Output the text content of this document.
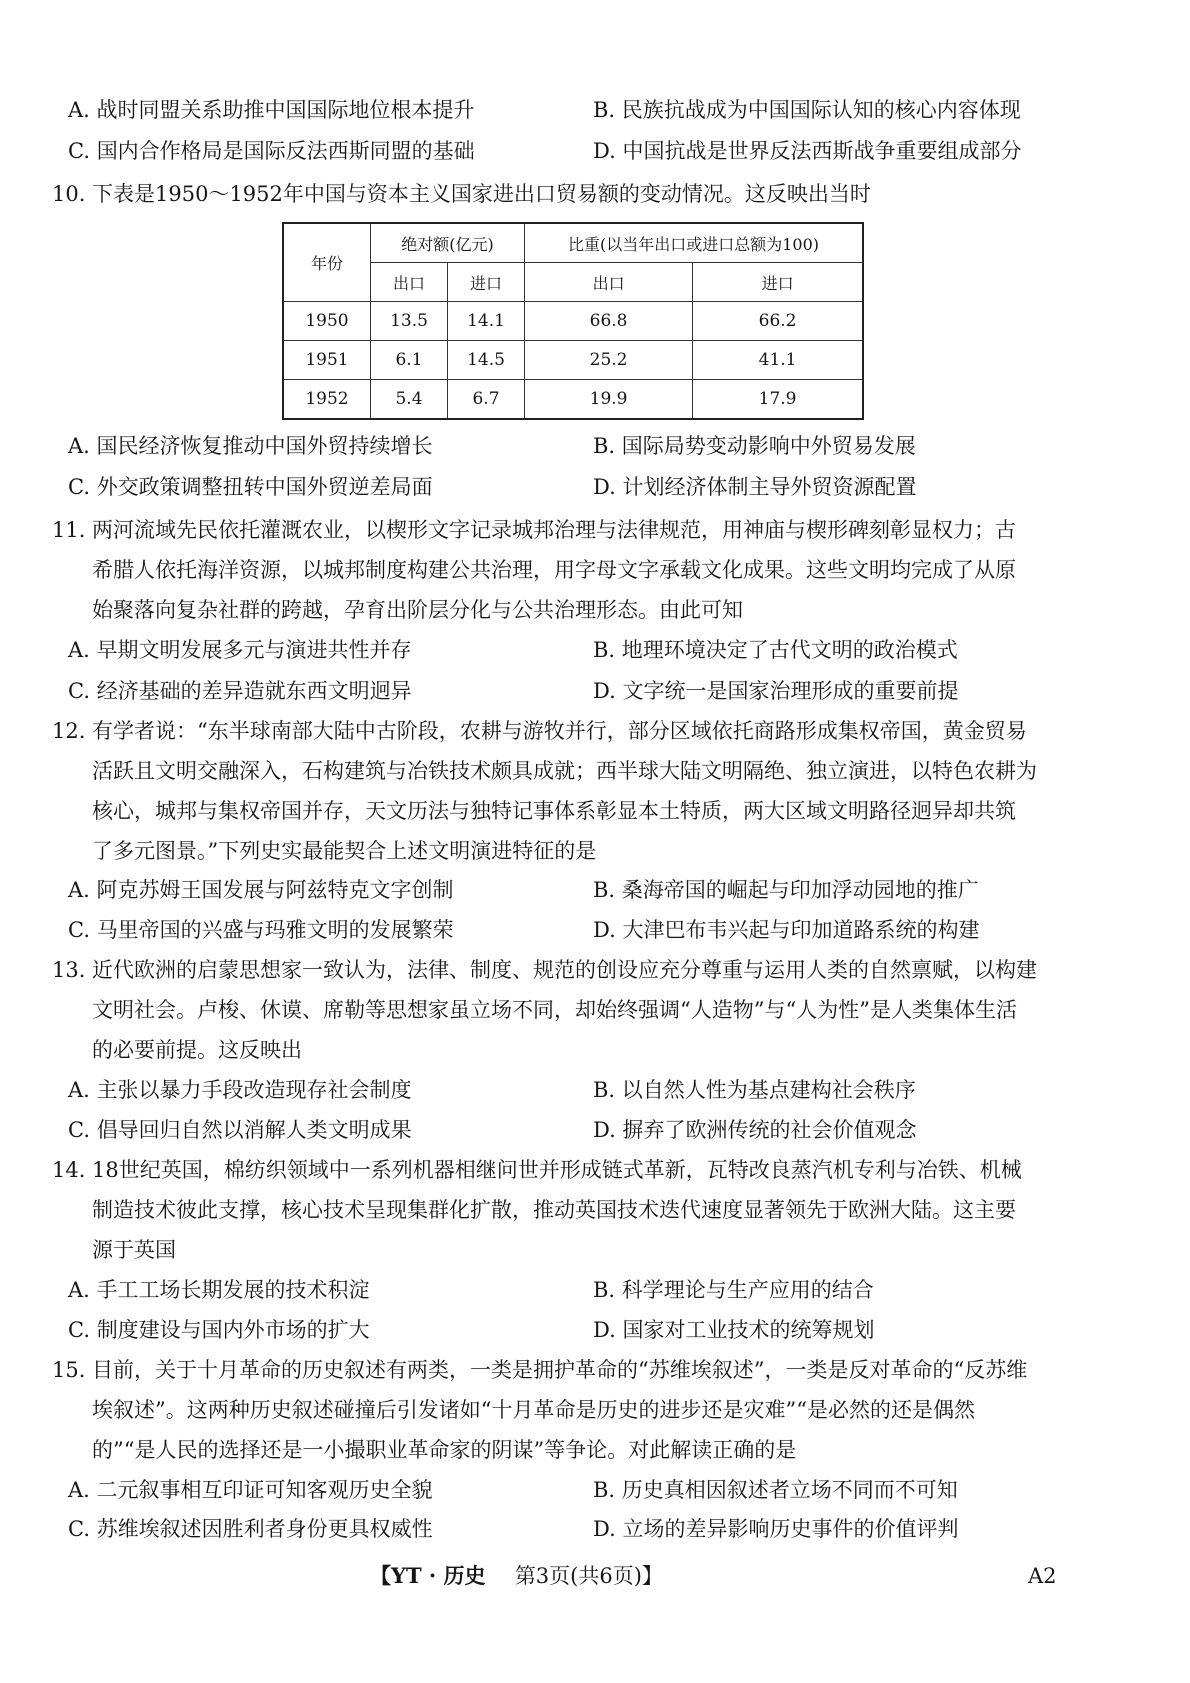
A. 战时同盟关系助推中国国际地位根本提升	B. 民族抗战成为中国国际认知的核心内容体现
C. 国内合作格局是国际反法西斯同盟的基础	D. 中国抗战是世界反法西斯战争重要组成部分
10. 下表是1950～1952年中国与资本主义国家进出口贸易额的变动情况。这反映出当时
年份	绝对额(亿元)		比重(以当年出口或进口总额为100)	
	出口	进口	出口	进口
1950	13.5	14.1	66.8	66.2
1951	6.1	14.5	25.2	41.1
1952	5.4	6.7	19.9	17.9
A. 国民经济恢复推动中国外贸持续增长	B. 国际局势变动影响中外贸易发展
C. 外交政策调整扭转中国外贸逆差局面	D. 计划经济体制主导外贸资源配置
11. 两河流域先民依托灌溉农业，以楔形文字记录城邦治理与法律规范，用神庙与楔形碑刻彰显权力；古
希腊人依托海洋资源，以城邦制度构建公共治理，用字母文字承载文化成果。这些文明均完成了从原
始聚落向复杂社群的跨越，孕育出阶层分化与公共治理形态。由此可知
A. 早期文明发展多元与演进共性并存	B. 地理环境决定了古代文明的政治模式
C. 经济基础的差异造就东西文明迥异	D. 文字统一是国家治理形成的重要前提
12. 有学者说：“东半球南部大陆中古阶段，农耕与游牧并行，部分区域依托商路形成集权帝国，黄金贸易
活跃且文明交融深入，石构建筑与冶铁技术颇具成就；西半球大陆文明隔绝、独立演进，以特色农耕为
核心，城邦与集权帝国并存，天文历法与独特记事体系彰显本土特质，两大区域文明路径迥异却共筑
了多元图景。”下列史实最能契合上述文明演进特征的是
A. 阿克苏姆王国发展与阿兹特克文字创制	B. 桑海帝国的崛起与印加浮动园地的推广
C. 马里帝国的兴盛与玛雅文明的发展繁荣	D. 大津巴布韦兴起与印加道路系统的构建
13. 近代欧洲的启蒙思想家一致认为，法律、制度、规范的创设应充分尊重与运用人类的自然禀赋，以构建
文明社会。卢梭、休谟、席勒等思想家虽立场不同，却始终强调“人造物”与“人为性”是人类集体生活
的必要前提。这反映出
A. 主张以暴力手段改造现存社会制度	B. 以自然人性为基点建构社会秩序
C. 倡导回归自然以消解人类文明成果	D. 摒弃了欧洲传统的社会价值观念
14. 18世纪英国，棉纺织领域中一系列机器相继问世并形成链式革新，瓦特改良蒸汽机专利与冶铁、机械
制造技术彼此支撑，核心技术呈现集群化扩散，推动英国技术迭代速度显著领先于欧洲大陆。这主要
源于英国
A. 手工工场长期发展的技术积淀	B. 科学理论与生产应用的结合
C. 制度建设与国内外市场的扩大	D. 国家对工业技术的统筹规划
15. 目前，关于十月革命的历史叙述有两类，一类是拥护革命的“苏维埃叙述”，一类是反对革命的“反苏维
埃叙述”。这两种历史叙述碰撞后引发诸如“十月革命是历史的进步还是灾难”“是必然的还是偶然
的”“是人民的选择还是一小撮职业革命家的阴谋”等争论。对此解读正确的是
A. 二元叙事相互印证可知客观历史全貌	B. 历史真相因叙述者立场不同而不可知
C. 苏维埃叙述因胜利者身份更具权威性	D. 立场的差异影响历史事件的价值评判
【YT · 历史 第3页(共6页)】	A2
